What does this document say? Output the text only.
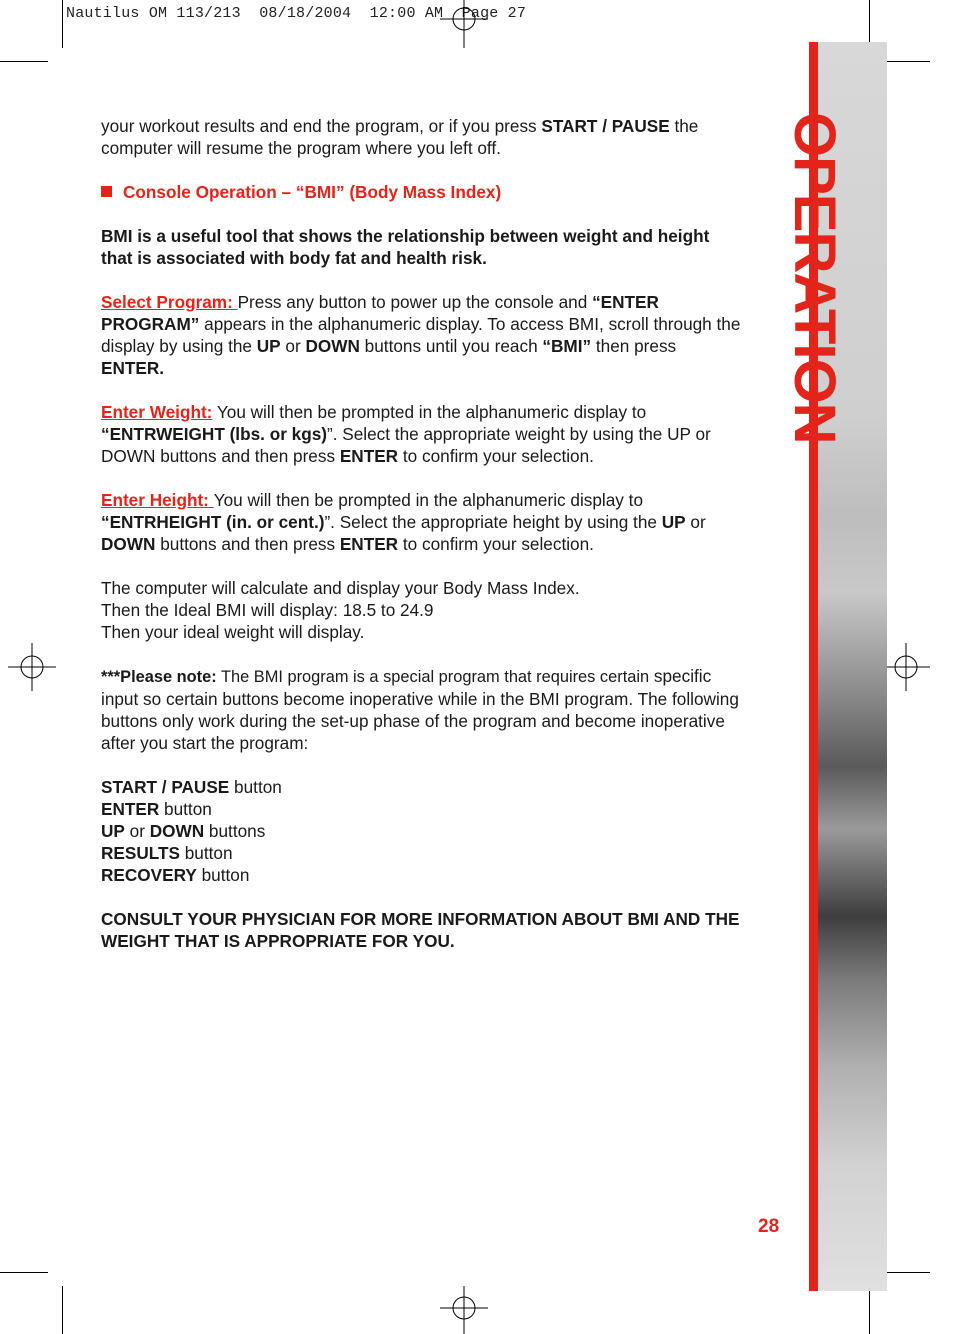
Nautilus OM 113/213  08/18/2004  12:00 AM  Page 27
OPERATION

your workout results and end the program, or if you press START / PAUSE the computer will resume the program where you left off.

Console Operation – “BMI” (Body Mass Index)

BMI is a useful tool that shows the relationship between weight and height that is associated with body fat and health risk.

Select Program: Press any button to power up the console and “ENTER PROGRAM” appears in the alphanumeric display. To access BMI, scroll through the display by using the UP or DOWN buttons until you reach “BMI” then press ENTER.

Enter Weight: You will then be prompted in the alphanumeric display to “ENTRWEIGHT (lbs. or kgs)”. Select the appropriate weight by using the UP or DOWN buttons and then press ENTER to confirm your selection.

Enter Height: You will then be prompted in the alphanumeric display to “ENTRHEIGHT (in. or cent.)”. Select the appropriate height by using the UP or DOWN buttons and then press ENTER to confirm your selection.

The computer will calculate and display your Body Mass Index.
Then the Ideal BMI will display: 18.5 to 24.9
Then your ideal weight will display.

***Please note: The BMI program is a special program that requires certain specific input so certain buttons become inoperative while in the BMI program. The following buttons only work during the set-up phase of the program and become inoperative after you start the program:

START / PAUSE button
ENTER button
UP or DOWN buttons
RESULTS button
RECOVERY button

CONSULT YOUR PHYSICIAN FOR MORE INFORMATION ABOUT BMI AND THE WEIGHT THAT IS APPROPRIATE FOR YOU.

28
